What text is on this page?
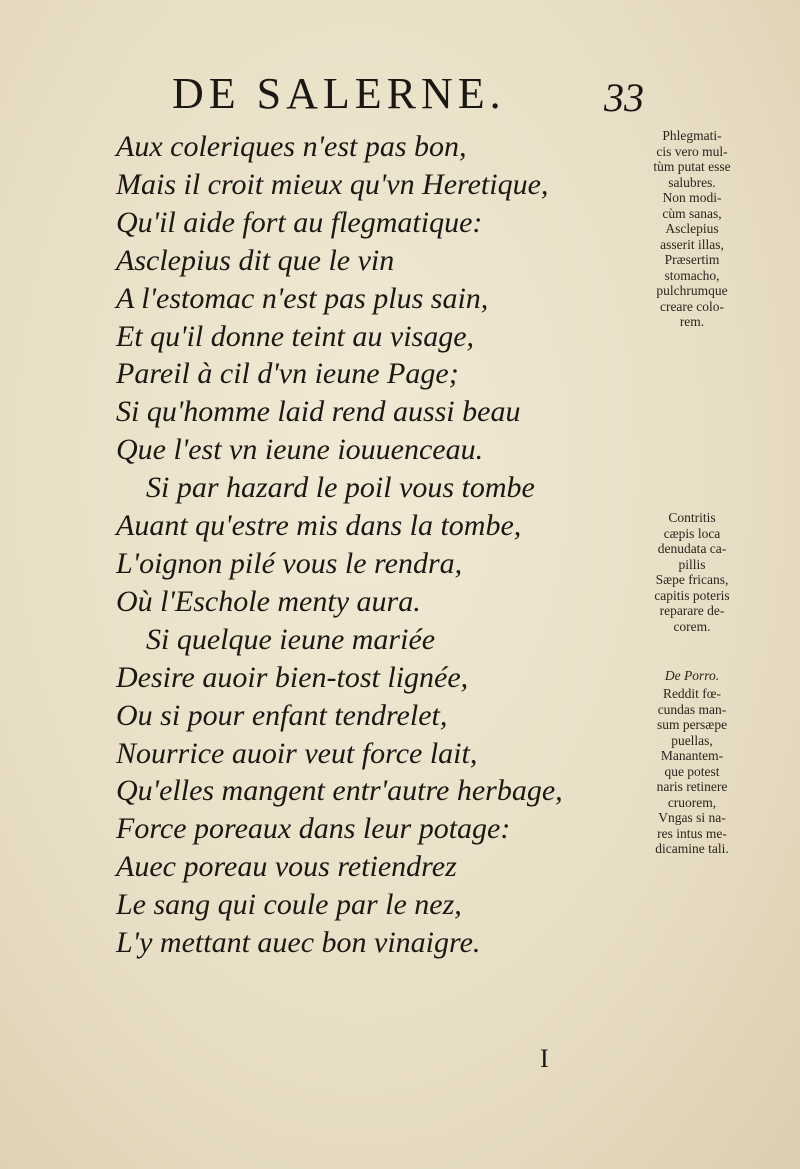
DE SALERNE. 33
Aux coleriques n'est pas bon,
Mais il croit mieux qu'vn Heretique,
Qu'il aide fort au flegmatique:
Asclepius dit que le vin
A l'estomac n'est pas plus sain,
Et qu'il donne teint au visage,
Pareil à cil d'vn ieune Page;
Si qu'homme laid rend aussi beau
Que l'est vn ieune iouuenceau.
Si par hazard le poil vous tombe
Auant qu'estre mis dans la tombe,
L'oignon pilé vous le rendra,
Où l'Eschole menty aura.
Si quelque ieune mariée
Desire auoir bien-tost lignée,
Ou si pour enfant tendrelet,
Nourrice auoir veut force lait,
Qu'elles mangent entr'autre herbage,
Force poreaux dans leur potage:
Auec poreau vous retiendrez
Le sang qui coule par le nez,
L'y mettant auec bon vinaigre.
Phlegmati-
cis vero mul-
tùm putat esse
salubres.
Non modi-
cùm sanas,
Asclepius
asserit illas,
Præsertim
stomacho,
pulchrumque
creare colo-
rem.
Contritis
cæpis loca
denudata ca-
pillis
Sæpe fricans,
capitis poteris
reparare de-
corem.
De Porro.
Reddit fœ-
cundas man-
sum persæpe
puellas,
Manantem-
que potest
naris retinere
cruorem,
Vngas si na-
res intus me-
dicamine tali.
I
